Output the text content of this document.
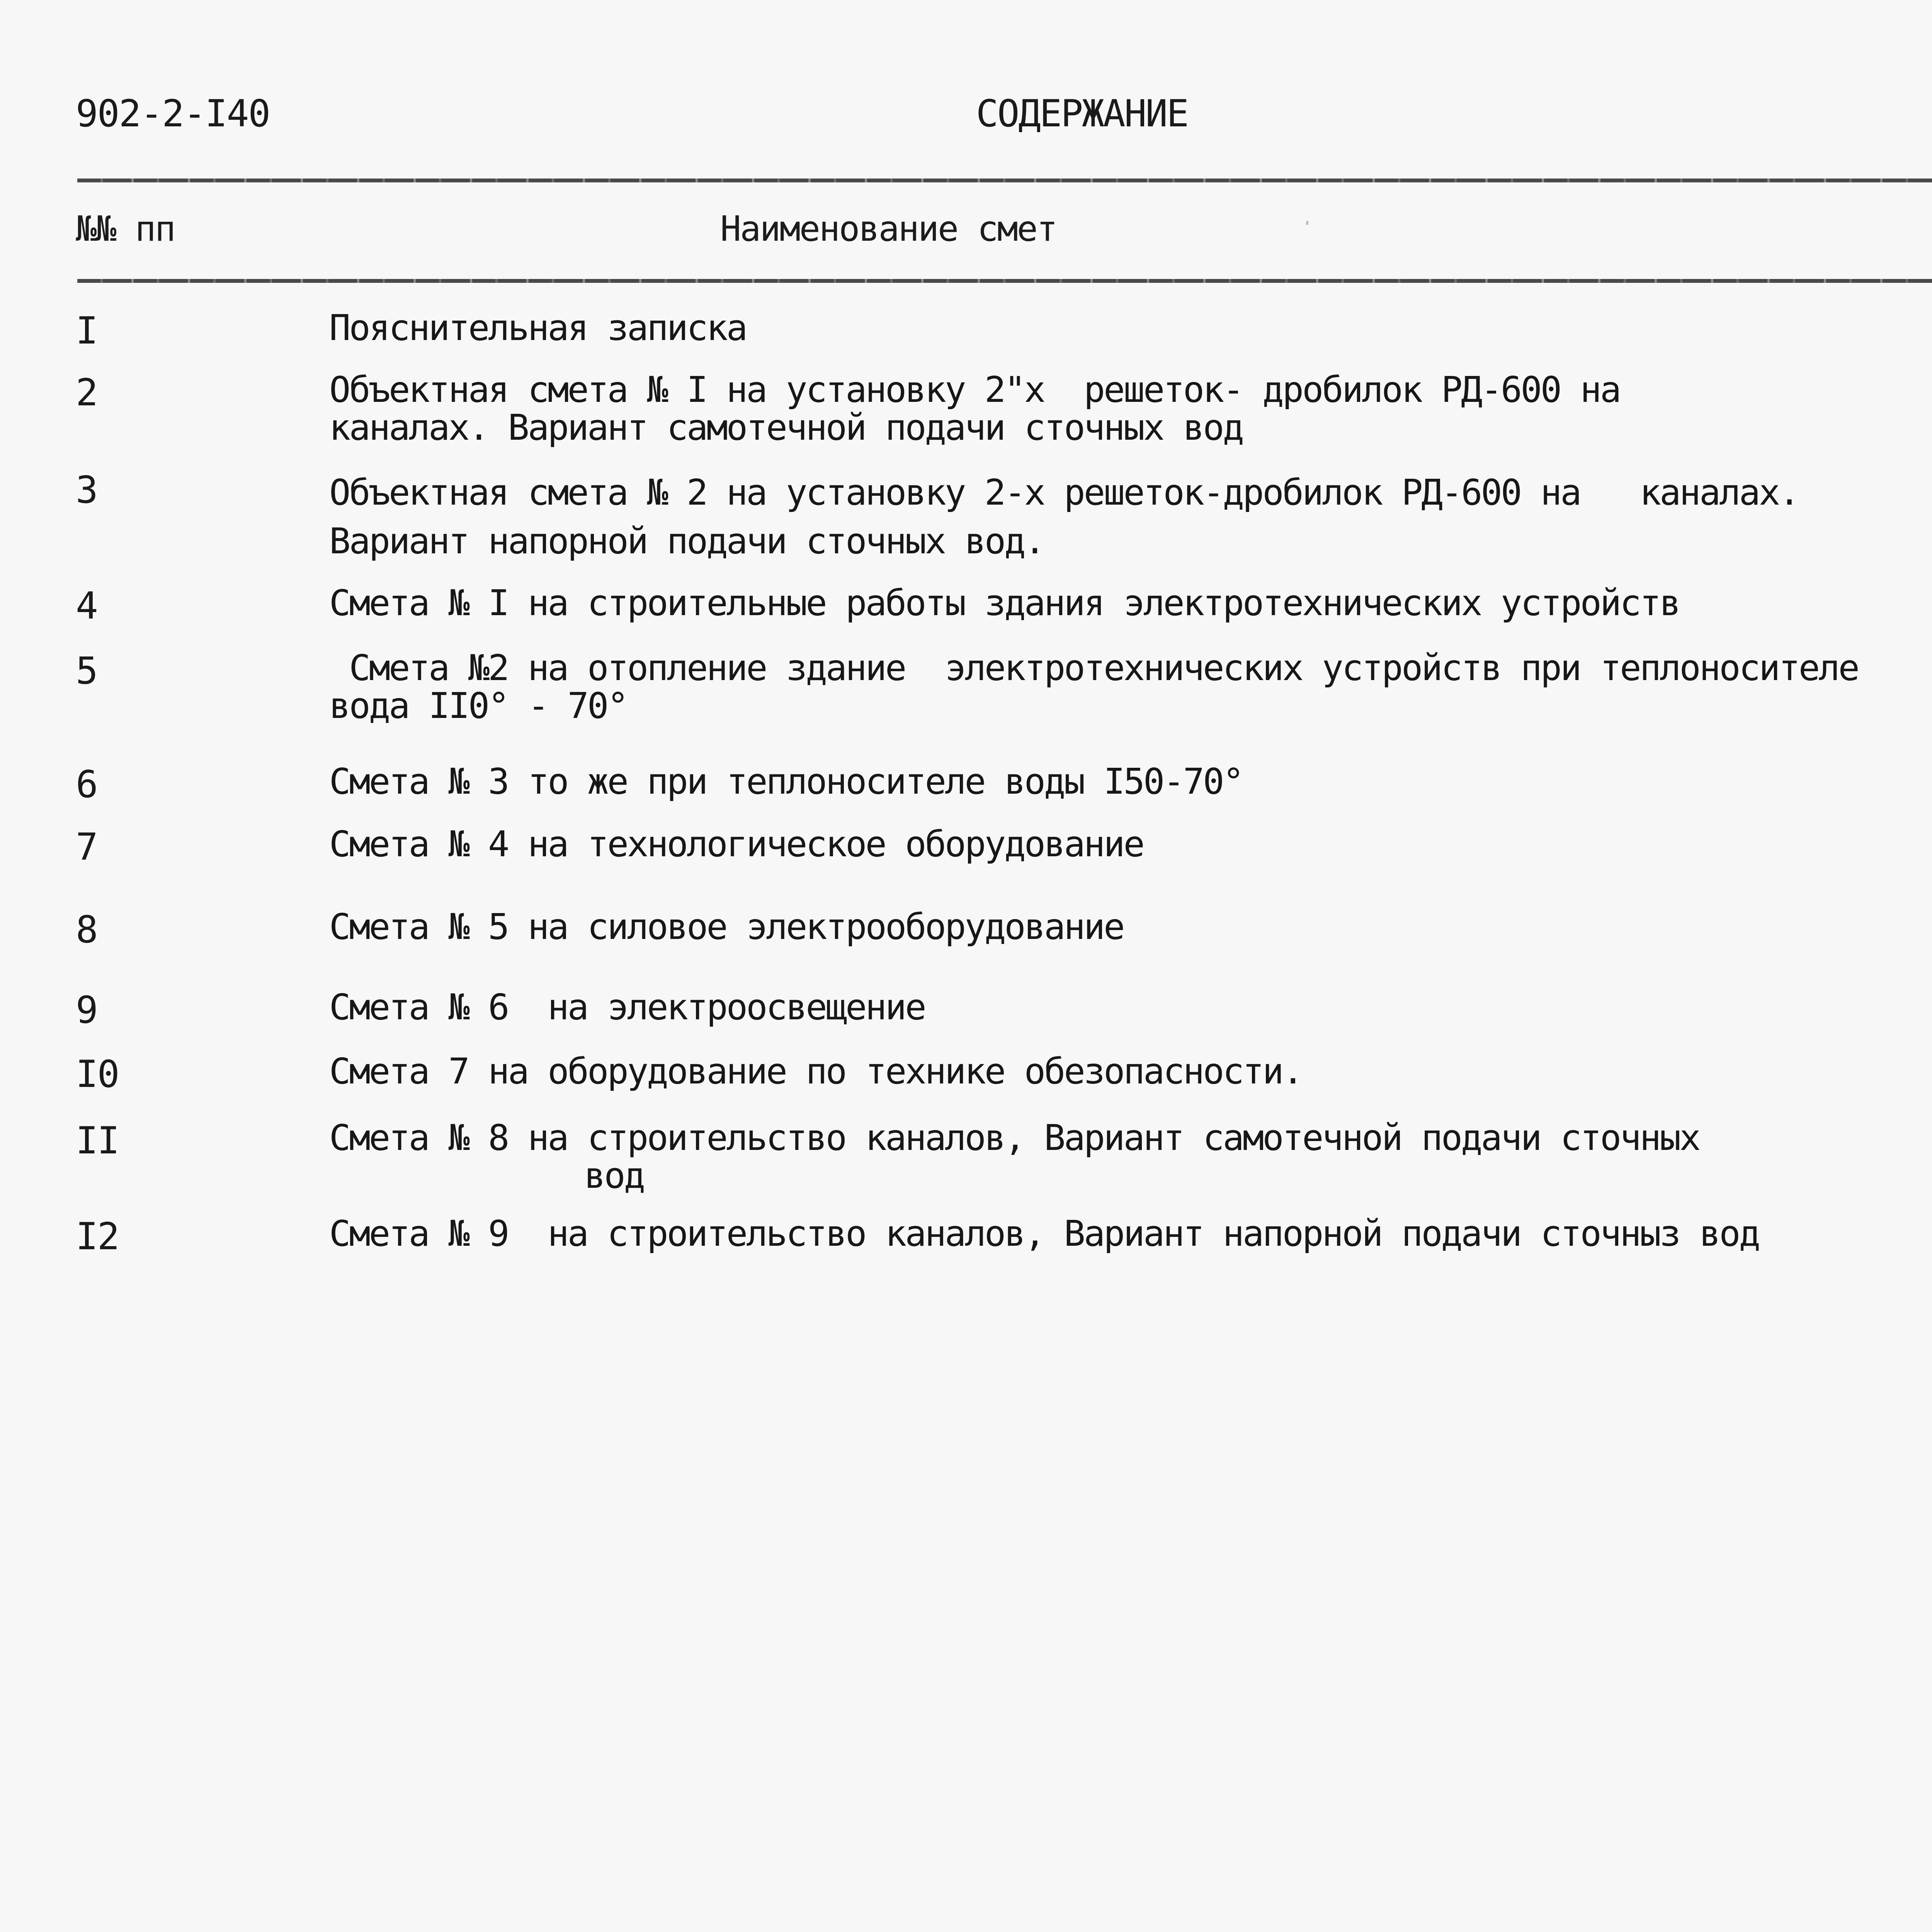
902-2-I40	СОДЕРЖАНИЕ
№№ пп	Наименование смет
I	Пояснительная записка
2	Объектная смета № I на установку 2"х  решеток- дробилок РД-600 на
каналах. Вариант самотечной подачи сточных вод
3	Объектная смета № 2 на установку 2-х решеток-дробилок РД-600 на   каналах.
Вариант напорной подачи сточных вод.
4	Смета № I на строительные работы здания электротехнических устройств
5	Смета №2 на отопление здание  электротехнических устройств при теплоносителе
вода II0° - 70°
6	Смета № 3 то же при теплоносителе воды I50-70°
7	Смета № 4 на технологическое оборудование
8	Смета № 5 на силовое электрооборудование
9	Смета № 6  на электроосвещение
I0	Смета 7 на оборудование по технике обезопасности.
II	Смета № 8 на строительство каналов, Вариант самотечной подачи сточных
вод
I2	Смета № 9  на строительство каналов, Вариант напорной подачи сточныз вод
